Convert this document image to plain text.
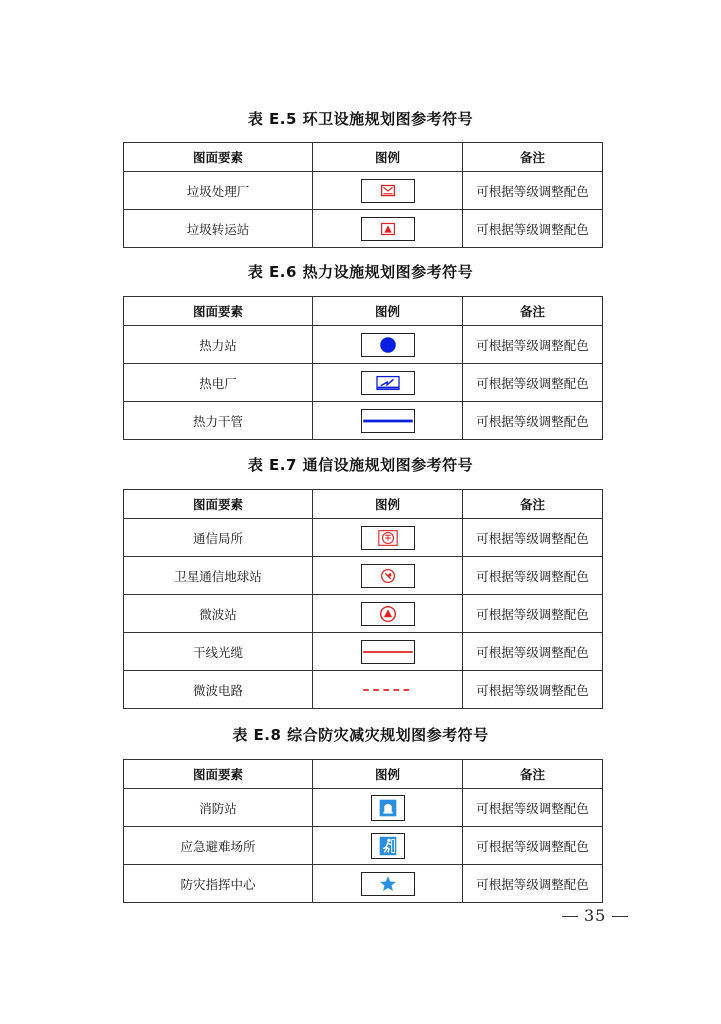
表 E.5 环卫设施规划图参考符号
图面要素	图例	备注
垃圾处理厂		可根据等级调整配色
垃圾转运站		可根据等级调整配色
表 E.6 热力设施规划图参考符号
图面要素	图例	备注
热力站		可根据等级调整配色
热电厂		可根据等级调整配色
热力干管		可根据等级调整配色
表 E.7 通信设施规划图参考符号
图面要素	图例	备注
通信局所		可根据等级调整配色
卫星通信地球站		可根据等级调整配色
微波站		可根据等级调整配色
干线光缆		可根据等级调整配色
微波电路		可根据等级调整配色
表 E.8 综合防灾减灾规划图参考符号
图面要素	图例	备注
消防站		可根据等级调整配色
应急避难场所		可根据等级调整配色
防灾指挥中心		可根据等级调整配色
35
